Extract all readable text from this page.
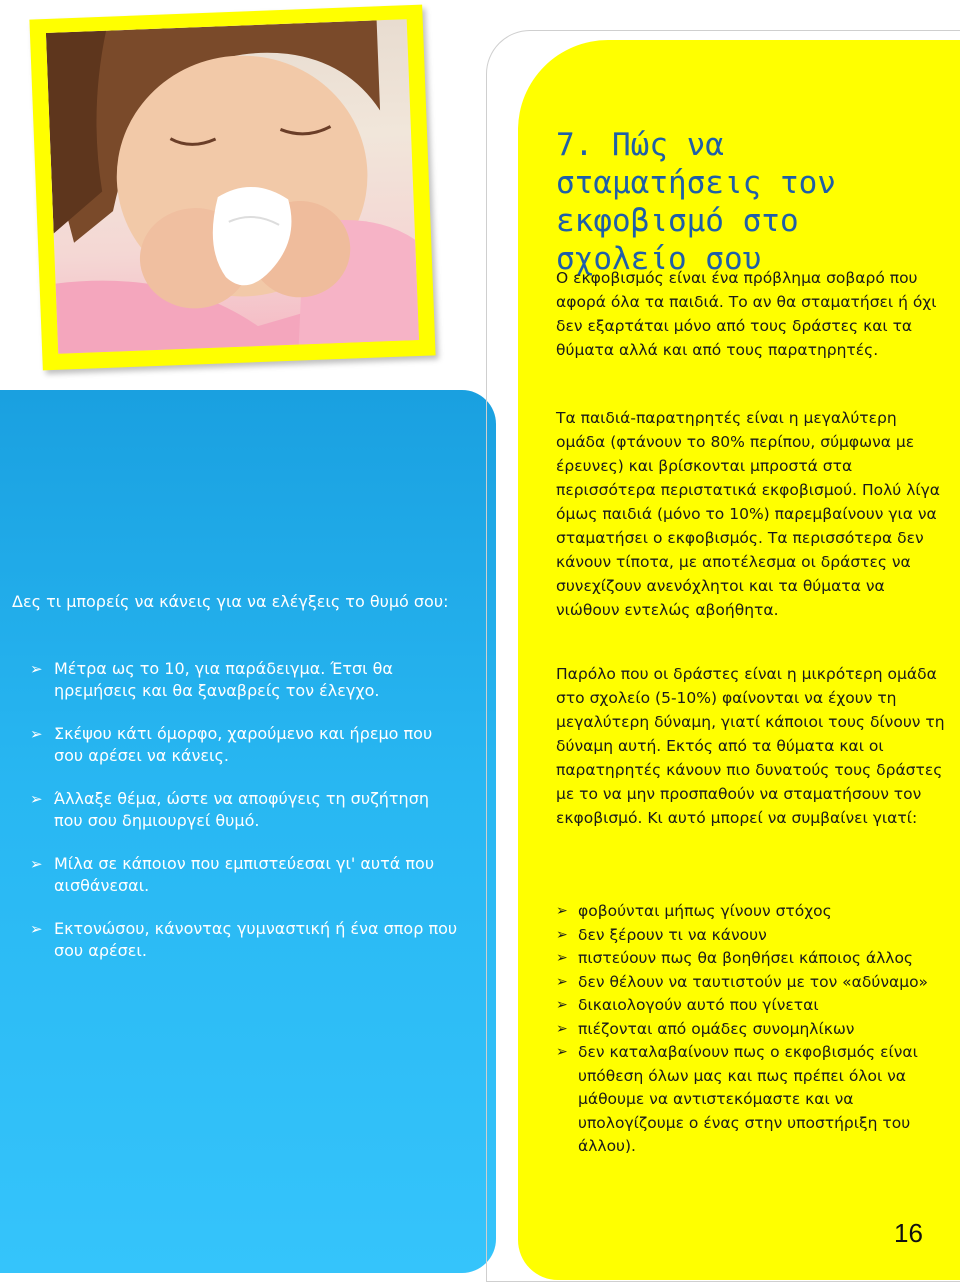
Δες τι μπορείς να κάνεις για να ελέγξεις το θυμό σου:

➢ Μέτρα ως το 10, για παράδειγμα. Έτσι θα ηρεμήσεις και θα ξαναβρείς τον έλεγχο.
➢ Σκέψου κάτι όμορφο, χαρούμενο και ήρεμο που σου αρέσει να κάνεις.
➢ Άλλαξε θέμα, ώστε να αποφύγεις τη συζήτηση που σου δημιουργεί θυμό.
➢ Μίλα σε κάποιον που εμπιστεύεσαι γι' αυτά που αισθάνεσαι.
➢ Εκτονώσου, κάνοντας γυμναστική ή ένα σπορ που σου αρέσει.
7. Πώς να σταματήσεις τον εκφοβισμό στο σχολείο σου

Ο εκφοβισμός είναι ένα πρόβλημα σοβαρό που αφορά όλα τα παιδιά. Το αν θα σταματήσει ή όχι δεν εξαρτάται μόνο από τους δράστες και τα θύματα αλλά και από τους παρατηρητές.

Τα παιδιά-παρατηρητές είναι η μεγαλύτερη ομάδα (φτάνουν το 80% περίπου, σύμφωνα με έρευνες) και βρίσκονται μπροστά στα περισσότερα περιστατικά εκφοβισμού. Πολύ λίγα όμως παιδιά (μόνο το 10%) παρεμβαίνουν για να σταματήσει ο εκφοβισμός. Τα περισσότερα δεν κάνουν τίποτα, με αποτέλεσμα οι δράστες να συνεχίζουν ανενόχλητοι και τα θύματα να νιώθουν εντελώς αβοήθητα.

Παρόλο που οι δράστες είναι η μικρότερη ομάδα στο σχολείο (5-10%) φαίνονται να έχουν τη μεγαλύτερη δύναμη, γιατί κάποιοι τους δίνουν τη δύναμη αυτή. Εκτός από τα θύματα και οι παρατηρητές κάνουν πιο δυνατούς τους δράστες με το να μην προσπαθούν να σταματήσουν τον εκφοβισμό. Κι αυτό μπορεί να συμβαίνει γιατί:

➢ φοβούνται μήπως γίνουν στόχος
➢ δεν ξέρουν τι να κάνουν
➢ πιστεύουν πως θα βοηθήσει κάποιος άλλος
➢ δεν θέλουν να ταυτιστούν με τον «αδύναμο»
➢ δικαιολογούν αυτό που γίνεται
➢ πιέζονται από ομάδες συνομηλίκων
➢ δεν καταλαβαίνουν πως ο εκφοβισμός είναι υπόθεση όλων μας και πως πρέπει όλοι να μάθουμε να αντιστεκόμαστε και να υπολογίζουμε ο ένας στην υποστήριξη του άλλου).
16
